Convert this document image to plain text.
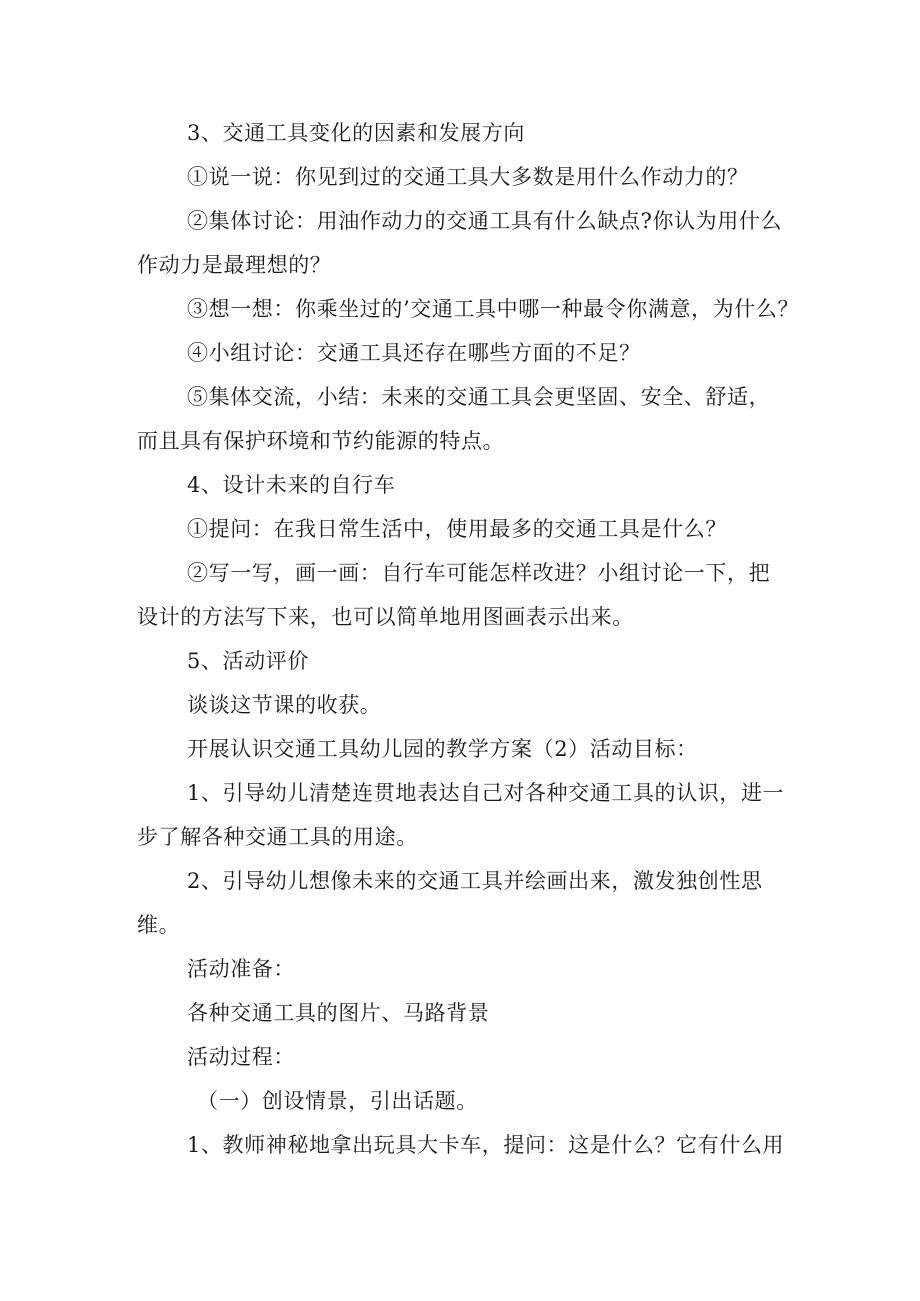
3、交通工具变化的因素和发展方向
①说一说：你见到过的交通工具大多数是用什么作动力的？
②集体讨论：用油作动力的交通工具有什么缺点?你认为用什么
作动力是最理想的？
③想一想：你乘坐过的’交通工具中哪一种最令你满意，为什么？
④小组讨论：交通工具还存在哪些方面的不足？
⑤集体交流，小结：未来的交通工具会更坚固、安全、舒适，
而且具有保护环境和节约能源的特点。
4、设计未来的自行车
①提问：在我日常生活中，使用最多的交通工具是什么？
②写一写，画一画：自行车可能怎样改进？小组讨论一下，把
设计的方法写下来，也可以简单地用图画表示出来。
5、活动评价
谈谈这节课的收获。
开展认识交通工具幼儿园的教学方案（2）活动目标：
1、引导幼儿清楚连贯地表达自己对各种交通工具的认识，进一
步了解各种交通工具的用途。
2、引导幼儿想像未来的交通工具并绘画出来，激发独创性思
维。
活动准备：
各种交通工具的图片、马路背景
活动过程：
（一）创设情景，引出话题。
1、教师神秘地拿出玩具大卡车，提问：这是什么？它有什么用
